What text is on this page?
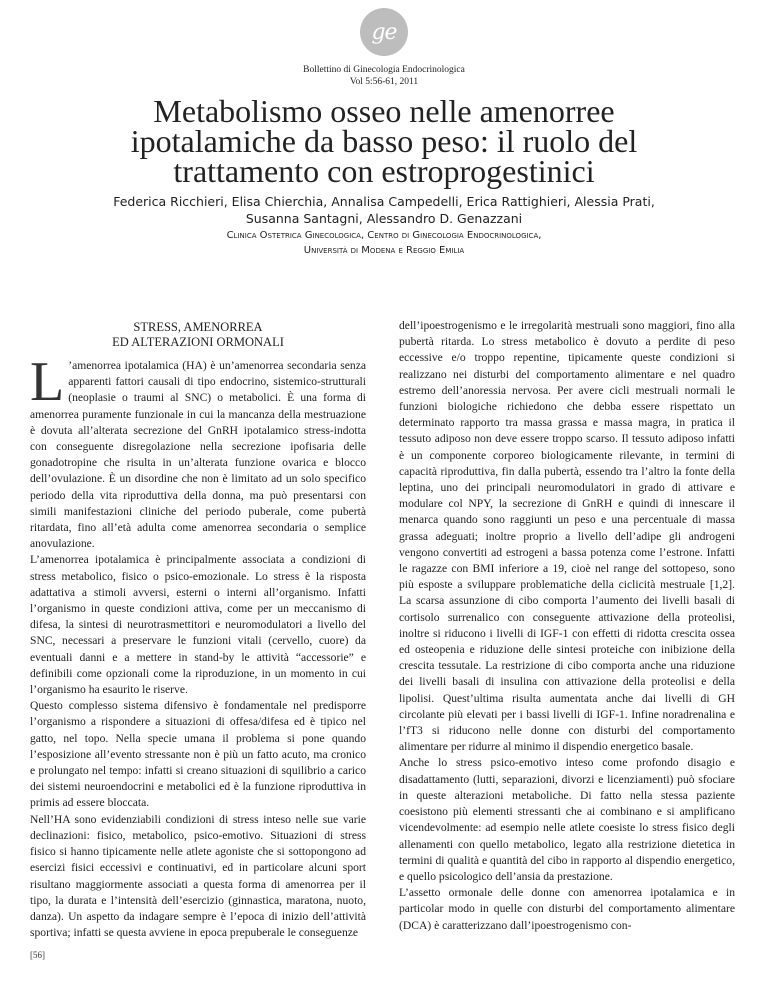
ge
Bollettino di Ginecologia Endocrinologica
Vol 5:56-61, 2011
Metabolismo osseo nelle amenorree ipotalamiche da basso peso: il ruolo del trattamento con estroprogestinici
Federica Ricchieri, Elisa Chierchia, Annalisa Campedelli, Erica Rattighieri, Alessia Prati, Susanna Santagni, Alessandro D. Genazzani
Clinica Ostetrica Ginecologica, Centro di Ginecologia Endocrinologica,
Università di Modena e Reggio Emilia
STRESS, AMENORREA
ED ALTERAZIONI ORMONALI

L ’amenorrea ipotalamica (HA) è un’amenorrea secondaria senza apparenti fattori causali di tipo endocrino, sistemico-strutturali (neoplasie o traumi al SNC) o metabolici. È una forma di amenorrea puramente funzionale in cui la mancanza della mestruazione è dovuta all’alterata secrezione del GnRH ipotalamico stress-indotta con conseguente disregolazione nella secrezione ipofisaria delle gonadotropine che risulta in un’alterata funzione ovarica e blocco dell’ovulazione. È un disordine che non è limitato ad un solo specifico periodo della vita riproduttiva della donna, ma può presentarsi con simili manifestazioni cliniche del periodo puberale, come pubertà ritardata, fino all’età adulta come amenorrea secondaria o semplice anovulazione.

L’amenorrea ipotalamica è principalmente associata a condizioni di stress metabolico, fisico o psico-emozionale. Lo stress è la risposta adattativa a stimoli avversi, esterni o interni all’organismo. Infatti l’organismo in queste condizioni attiva, come per un meccanismo di difesa, la sintesi di neurotrasmettitori e neuromodulatori a livello del SNC, necessari a preservare le funzioni vitali (cervello, cuore) da eventuali danni e a mettere in stand-by le attività “accessorie” e definibili come opzionali come la riproduzione, in un momento in cui l’organismo ha esaurito le riserve.

Questo complesso sistema difensivo è fondamentale nel predisporre l’organismo a rispondere a situazioni di offesa/difesa ed è tipico nel gatto, nel topo. Nella specie umana il problema si pone quando l’esposizione all’evento stressante non è più un fatto acuto, ma cronico e prolungato nel tempo: infatti si creano situazioni di squilibrio a carico dei sistemi neuroendocrini e metabolici ed è la funzione riproduttiva in primis ad essere bloccata.

Nell’HA sono evidenziabili condizioni di stress inteso nelle sue varie declinazioni: fisico, metabolico, psico-emotivo. Situazioni di stress fisico si hanno tipicamente nelle atlete agoniste che si sottopongono ad esercizi fisici eccessivi e continuativi, ed in particolare alcuni sport risultano maggiormente associati a questa forma di amenorrea per il tipo, la durata e l’intensità dell’esercizio (ginnastica, maratona, nuoto, danza). Un aspetto da indagare sempre è l’epoca di inizio dell’attività sportiva; infatti se questa avviene in epoca prepuberale le conseguenze

dell’ipoestrogenismo e le irregolarità mestruali sono maggiori, fino alla pubertà ritarda. Lo stress metabolico è dovuto a perdite di peso eccessive e/o troppo repentine, tipicamente queste condizioni si realizzano nei disturbi del comportamento alimentare e nel quadro estremo dell’anoressia nervosa. Per avere cicli mestruali normali le funzioni biologiche richiedono che debba essere rispettato un determinato rapporto tra massa grassa e massa magra, in pratica il tessuto adiposo non deve essere troppo scarso. Il tessuto adiposo infatti è un componente corporeo biologicamente rilevante, in termini di capacità riproduttiva, fin dalla pubertà, essendo tra l’altro la fonte della leptina, uno dei principali neuromodulatori in grado di attivare e modulare col NPY, la secrezione di GnRH e quindi di innescare il menarca quando sono raggiunti un peso e una percentuale di massa grassa adeguati; inoltre proprio a livello dell’adipe gli androgeni vengono convertiti ad estrogeni a bassa potenza come l’estrone. Infatti le ragazze con BMI inferiore a 19, cioè nel range del sottopeso, sono più esposte a sviluppare problematiche della ciclicità mestruale [1,2]. La scarsa assunzione di cibo comporta l’aumento dei livelli basali di cortisolo surrenalico con conseguente attivazione della proteolisi, inoltre si riducono i livelli di IGF-1 con effetti di ridotta crescita ossea ed osteopenia e riduzione delle sintesi proteiche con inibizione della crescita tessutale. La restrizione di cibo comporta anche una riduzione dei livelli basali di insulina con attivazione della proteolisi e della lipolisi. Quest’ultima risulta aumentata anche dai livelli di GH circolante più elevati per i bassi livelli di IGF-1. Infine noradrenalina e l’fT3 si riducono nelle donne con disturbi del comportamento alimentare per ridurre al minimo il dispendio energetico basale.

Anche lo stress psico-emotivo inteso come profondo disagio e disadattamento (lutti, separazioni, divorzi e licenziamenti) può sfociare in queste alterazioni metaboliche. Di fatto nella stessa paziente coesistono più elementi stressanti che ai combinano e si amplificano vicendevolmente: ad esempio nelle atlete coesiste lo stress fisico degli allenamenti con quello metabolico, legato alla restrizione dietetica in termini di qualità e quantità del cibo in rapporto al dispendio energetico, e quello psicologico dell’ansia da prestazione.

L’assetto ormonale delle donne con amenorrea ipotalamica e in particolar modo in quelle con disturbi del comportamento alimentare (DCA) è caratterizzano dall’ipoestrogenismo con-

[56]
